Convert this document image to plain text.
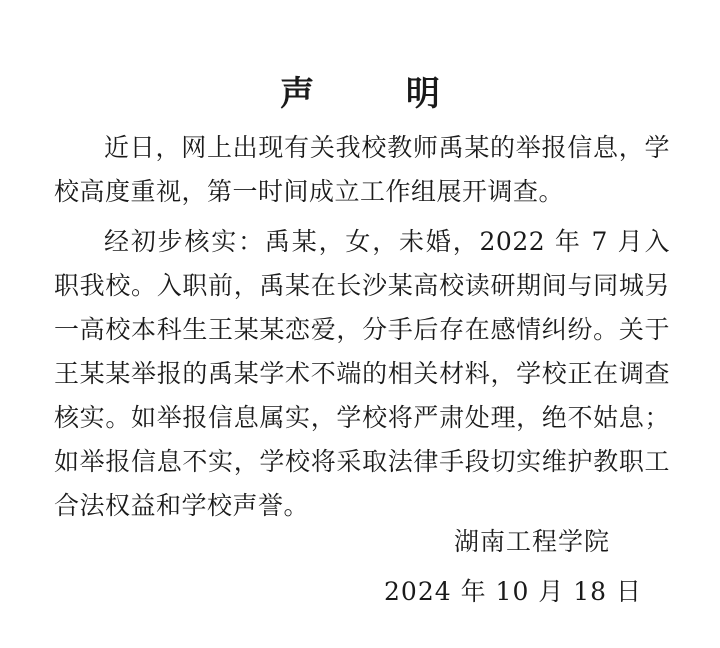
声 明

近日，网上出现有关我校教师禹某的举报信息，学校高度重视，第一时间成立工作组展开调查。

经初步核实：禹某，女，未婚，2022 年 7 月入职我校。入职前，禹某在长沙某高校读研期间与同城另一高校本科生王某某恋爱，分手后存在感情纠纷。关于王某某举报的禹某学术不端的相关材料，学校正在调查核实。如举报信息属实，学校将严肃处理，绝不姑息；如举报信息不实，学校将采取法律手段切实维护教职工合法权益和学校声誉。

湖南工程学院
2024 年 10 月 18 日
